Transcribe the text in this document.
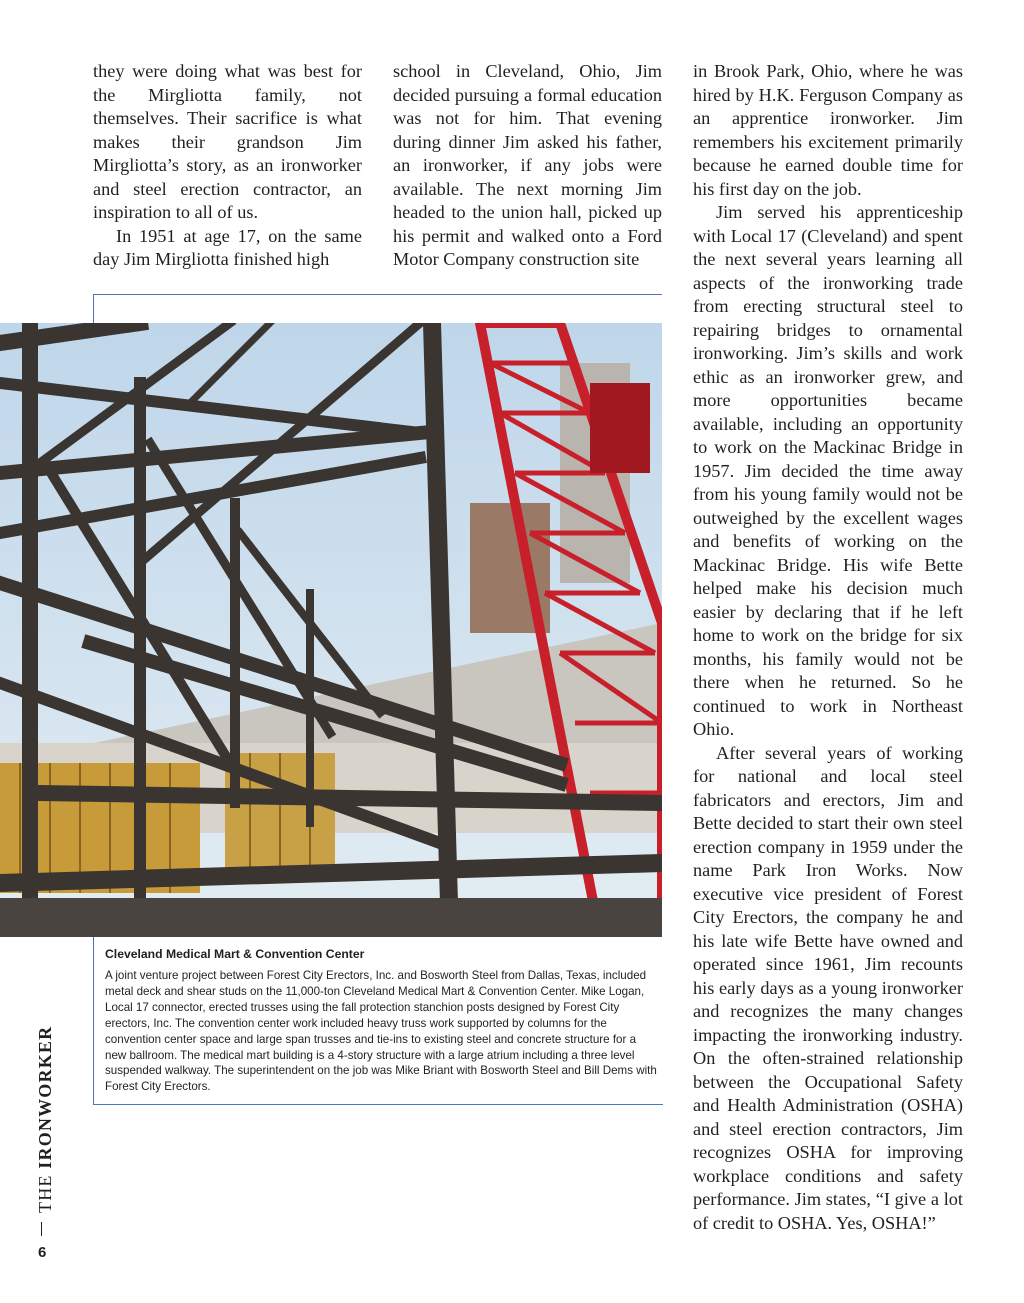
they were doing what was best for the Mirgliotta family, not themselves. Their sacrifice is what makes their grandson Jim Mirgliotta’s story, as an ironworker and steel erection contractor, an inspiration to all of us.

In 1951 at age 17, on the same day Jim Mirgliotta finished high

school in Cleveland, Ohio, Jim decided pursuing a formal education was not for him. That evening during dinner Jim asked his father, an ironworker, if any jobs were available. The next morning Jim headed to the union hall, picked up his permit and walked onto a Ford Motor Company construction site

in Brook Park, Ohio, where he was hired by H.K. Ferguson Company as an apprentice ironworker. Jim remembers his excitement primarily because he earned double time for his first day on the job.

Jim served his apprenticeship with Local 17 (Cleveland) and spent the next several years learning all aspects of the ironworking trade from erecting structural steel to repairing bridges to ornamental ironworking. Jim’s skills and work ethic as an ironworker grew, and more opportunities became available, including an opportunity to work on the Mackinac Bridge in 1957. Jim decided the time away from his young family would not be outweighed by the excellent wages and benefits of working on the Mackinac Bridge. His wife Bette helped make his decision much easier by declaring that if he left home to work on the bridge for six months, his family would not be there when he returned. So he continued to work in Northeast Ohio.

After several years of working for national and local steel fabricators and erectors, Jim and Bette decided to start their own steel erection company in 1959 under the name Park Iron Works. Now executive vice president of Forest City Erectors, the company he and his late wife Bette have owned and operated since 1961, Jim recounts his early days as a young ironworker and recognizes the many changes impacting the ironworking industry. On the often-strained relationship between the Occupational Safety and Health Administration (OSHA) and steel erection contractors, Jim recognizes OSHA for improving workplace conditions and safety performance. Jim states, “I give a lot of credit to OSHA. Yes, OSHA!”

Cleveland Medical Mart & Convention Center
A joint venture project between Forest City Erectors, Inc. and Bosworth Steel from Dallas, Texas, included metal deck and shear studs on the 11,000-ton Cleveland Medical Mart & Convention Center. Mike Logan, Local 17 connector, erected trusses using the fall protection stanchion posts designed by Forest City erectors, Inc. The convention center work included heavy truss work supported by columns for the convention center space and large span trusses and tie-ins to existing steel and concrete structure for a new ballroom. The medical mart building is a 4-story structure with a large atrium including a three level suspended walkway. The superintendent on the job was Mike Briant with Bosworth Steel and Bill Dems with Forest City Erectors.
THE IRONWORKER
6
